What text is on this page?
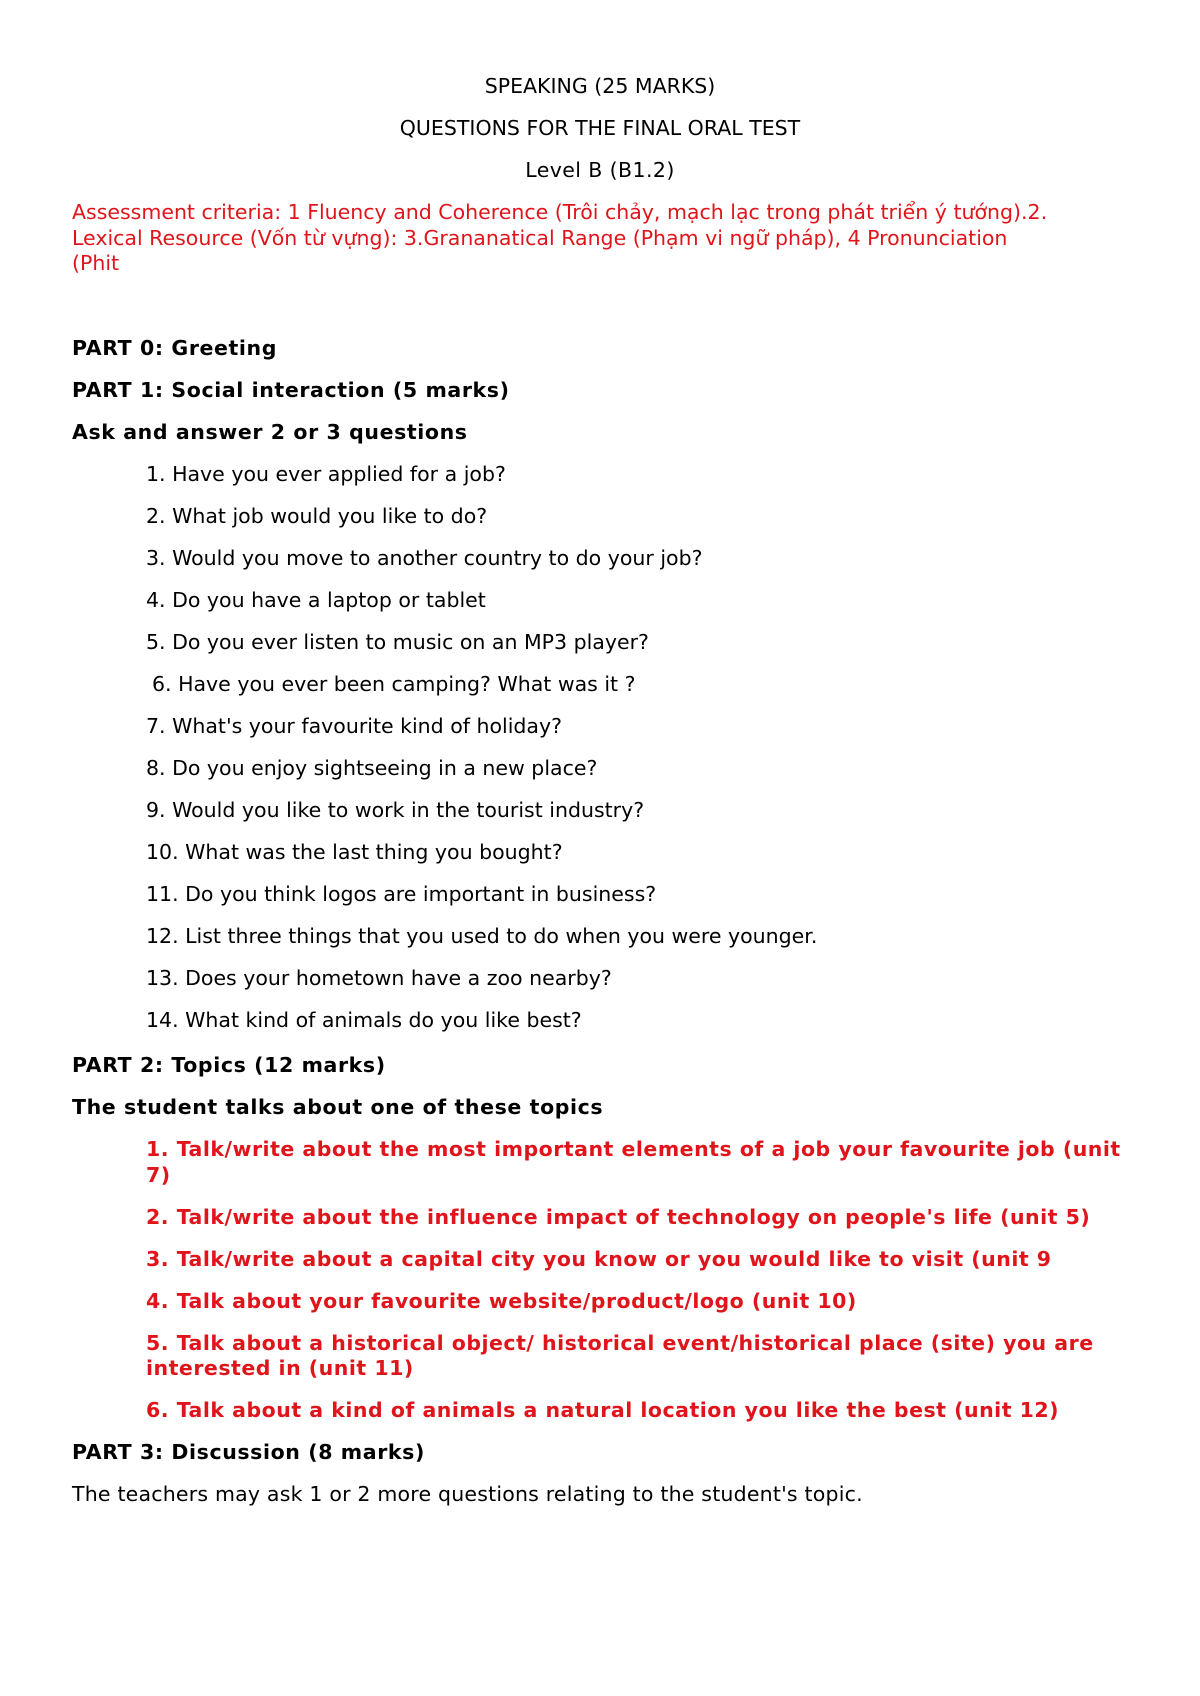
SPEAKING (25 MARKS)
QUESTIONS FOR THE FINAL ORAL TEST
Level B (B1.2)
Assessment criteria: 1 Fluency and Coherence (Trôi chảy, mạch lạc trong phát triển ý tướng).2. Lexical Resource (Vốn từ vựng): 3.Grananatical Range (Phạm vi ngữ pháp), 4 Pronunciation (Phit
PART 0: Greeting
PART 1: Social interaction (5 marks)
Ask and answer 2 or 3 questions
1. Have you ever applied for a job?
2. What job would you like to do?
3. Would you move to another country to do your job?
4. Do you have a laptop or tablet
5. Do you ever listen to music on an MP3 player?
6. Have you ever been camping? What was it ?
7. What's your favourite kind of holiday?
8. Do you enjoy sightseeing in a new place?
9. Would you like to work in the tourist industry?
10. What was the last thing you bought?
11. Do you think logos are important in business?
12. List three things that you used to do when you were younger.
13. Does your hometown have a zoo nearby?
14. What kind of animals do you like best?
PART 2: Topics (12 marks)
The student talks about one of these topics
1. Talk/write about the most important elements of a job your favourite job (unit 7)
2. Talk/write about the influence impact of technology on people's life (unit 5)
3. Talk/write about a capital city you know or you would like to visit (unit 9
4. Talk about your favourite website/product/logo (unit 10)
5. Talk about a historical object/ historical event/historical place (site) you are interested in (unit 11)
6. Talk about a kind of animals a natural location you like the best (unit 12)
PART 3: Discussion (8 marks)
The teachers may ask 1 or 2 more questions relating to the student's topic.
